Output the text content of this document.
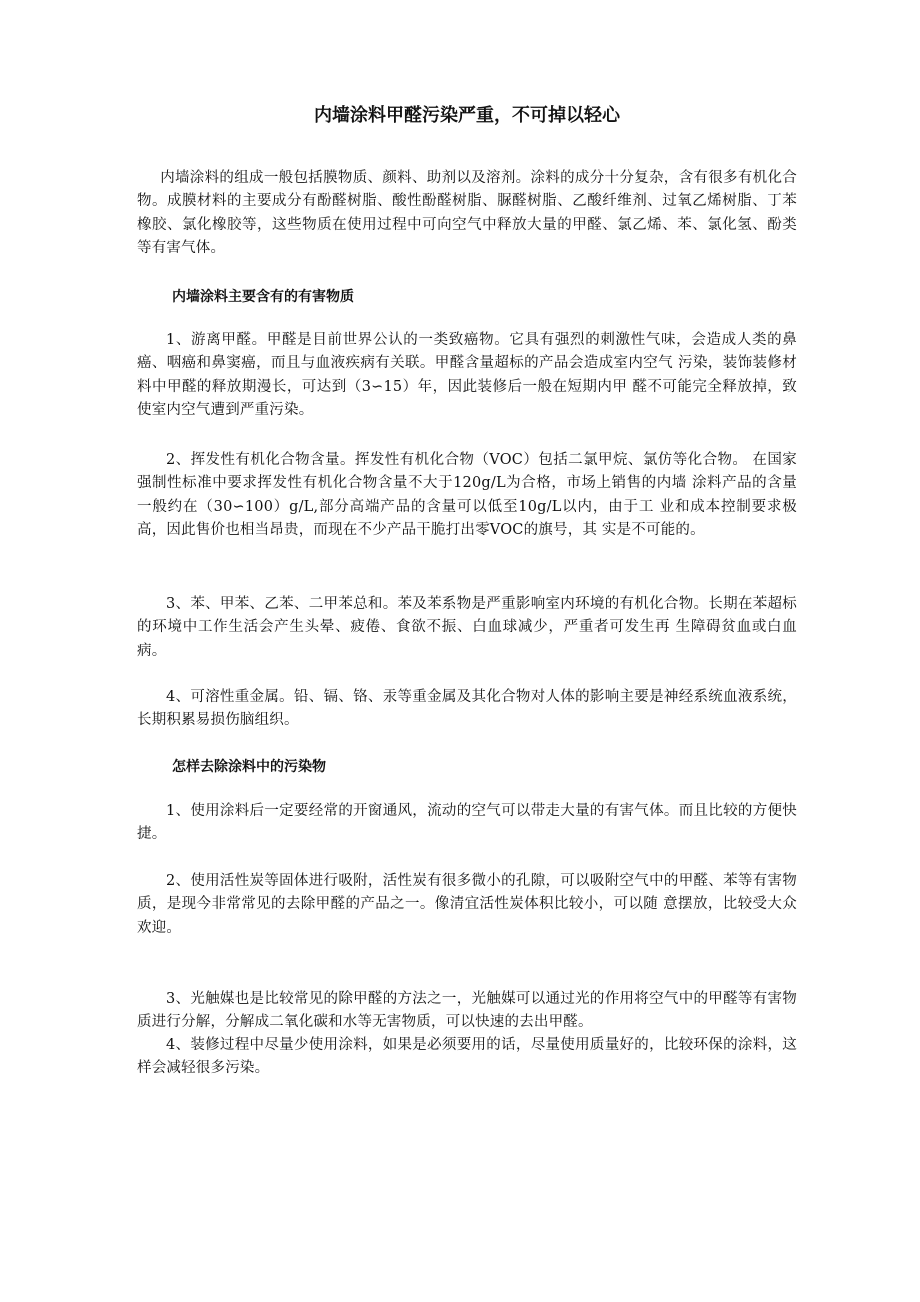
内墙涂料甲醛污染严重，不可掉以轻心

内墙涂料的组成一般包括膜物质、颜料、助剂以及溶剂。涂料的成分十分复杂，含有很多有机化合物。成膜材料的主要成分有酚醛树脂、酸性酚醛树脂、脲醛树脂、乙酸纤维剂、过氧乙烯树脂、丁苯橡胶、氯化橡胶等，这些物质在使用过程中可向空气中释放大量的甲醛、氯乙烯、苯、氯化氢、酚类等有害气体。

内墙涂料主要含有的有害物质

1、游离甲醛。甲醛是目前世界公认的一类致癌物。它具有强烈的刺激性气味，会造成人类的鼻癌、咽癌和鼻窦癌，而且与血液疾病有关联。甲醛含量超标的产品会造成室内空气 污染，装饰装修材料中甲醛的释放期漫长，可达到（3∽15）年，因此装修后一般在短期内甲 醛不可能完全释放掉，致使室内空气遭到严重污染。

2、挥发性有机化合物含量。挥发性有机化合物（VOC）包括二氯甲烷、氯仿等化合物。 在国家强制性标准中要求挥发性有机化合物含量不大于120g/L为合格，市场上销售的内墙 涂料产品的含量一般约在（30∽100）g/L,部分高端产品的含量可以低至10g/L以内，由于工 业和成本控制要求极高，因此售价也相当昂贵，而现在不少产品干脆打出零VOC的旗号，其 实是不可能的。

3、苯、甲苯、乙苯、二甲苯总和。苯及苯系物是严重影响室内环境的有机化合物。长期在苯超标的环境中工作生活会产生头晕、疲倦、食欲不振、白血球减少，严重者可发生再 生障碍贫血或白血病。

4、可溶性重金属。铅、镉、铬、汞等重金属及其化合物对人体的影响主要是神经系统血液系统，长期积累易损伤脑组织。

怎样去除涂料中的污染物

1、使用涂料后一定要经常的开窗通风，流动的空气可以带走大量的有害气体。而且比较的方便快捷。

2、使用活性炭等固体进行吸附，活性炭有很多微小的孔隙，可以吸附空气中的甲醛、苯等有害物质，是现今非常常见的去除甲醛的产品之一。像清宜活性炭体积比较小，可以随 意摆放，比较受大众欢迎。

3、光触媒也是比较常见的除甲醛的方法之一，光触媒可以通过光的作用将空气中的甲醛等有害物质进行分解，分解成二氧化碳和水等无害物质，可以快速的去出甲醛。

4、装修过程中尽量少使用涂料，如果是必须要用的话，尽量使用质量好的，比较环保的涂料，这样会减轻很多污染。
